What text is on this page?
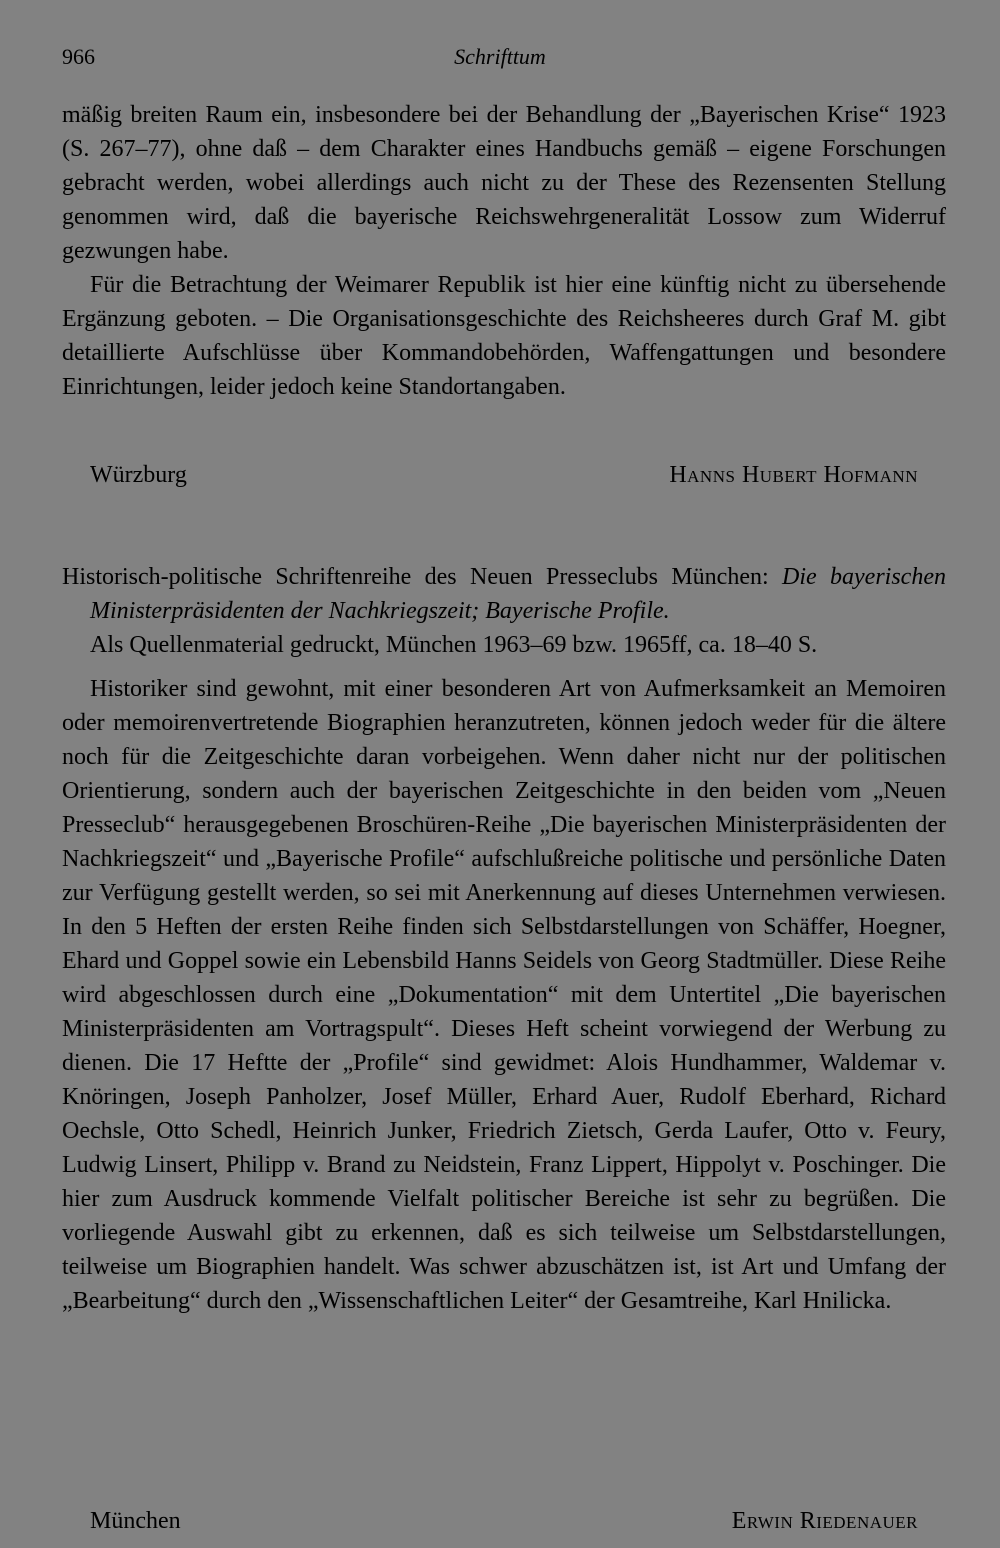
966	Schrifttum

mäßig breiten Raum ein, insbesondere bei der Behandlung der „Bayerischen Krise“ 1923 (S. 267–77), ohne daß – dem Charakter eines Handbuchs gemäß – eigene Forschungen gebracht werden, wobei allerdings auch nicht zu der These des Rezensenten Stellung genommen wird, daß die bayerische Reichswehrgeneralität Lossow zum Widerruf gezwungen habe.

Für die Betrachtung der Weimarer Republik ist hier eine künftig nicht zu übersehende Ergänzung geboten. – Die Organisationsgeschichte des Reichsheeres durch Graf M. gibt detaillierte Aufschlüsse über Kommandobehörden, Waffengattungen und besondere Einrichtungen, leider jedoch keine Standortangaben.

Würzburg	Hanns Hubert Hofmann

Historisch-politische Schriftenreihe des Neuen Presseclubs München: Die bayerischen Ministerpräsidenten der Nachkriegszeit; Bayerische Profile.

Als Quellenmaterial gedruckt, München 1963–69 bzw. 1965ff, ca. 18–40 S.

Historiker sind gewohnt, mit einer besonderen Art von Aufmerksamkeit an Memoiren oder memoirenvertretende Biographien heranzutreten, können jedoch weder für die ältere noch für die Zeitgeschichte daran vorbeigehen. Wenn daher nicht nur der politischen Orientierung, sondern auch der bayerischen Zeitgeschichte in den beiden vom „Neuen Presseclub“ herausgegebenen Broschüren-Reihe „Die bayerischen Ministerpräsidenten der Nachkriegszeit“ und „Bayerische Profile“ aufschlußreiche politische und persönliche Daten zur Verfügung gestellt werden, so sei mit Anerkennung auf dieses Unternehmen verwiesen. In den 5 Heften der ersten Reihe finden sich Selbstdarstellungen von Schäffer, Hoegner, Ehard und Goppel sowie ein Lebensbild Hanns Seidels von Georg Stadtmüller. Diese Reihe wird abgeschlossen durch eine „Dokumentation“ mit dem Untertitel „Die bayerischen Ministerpräsidenten am Vortragspult“. Dieses Heft scheint vorwiegend der Werbung zu dienen. Die 17 Heftte der „Profile“ sind gewidmet: Alois Hundhammer, Waldemar v. Knöringen, Joseph Panholzer, Josef Müller, Erhard Auer, Rudolf Eberhard, Richard Oechsle, Otto Schedl, Heinrich Junker, Friedrich Zietsch, Gerda Laufer, Otto v. Feury, Ludwig Linsert, Philipp v. Brand zu Neidstein, Franz Lippert, Hippolyt v. Poschinger. Die hier zum Ausdruck kommende Vielfalt politischer Bereiche ist sehr zu begrüßen. Die vorliegende Auswahl gibt zu erkennen, daß es sich teilweise um Selbstdarstellungen, teilweise um Biographien handelt. Was schwer abzuschätzen ist, ist Art und Umfang der „Bearbeitung“ durch den „Wissenschaftlichen Leiter“ der Gesamtreihe, Karl Hnilicka.

München	Erwin Riedenauer
